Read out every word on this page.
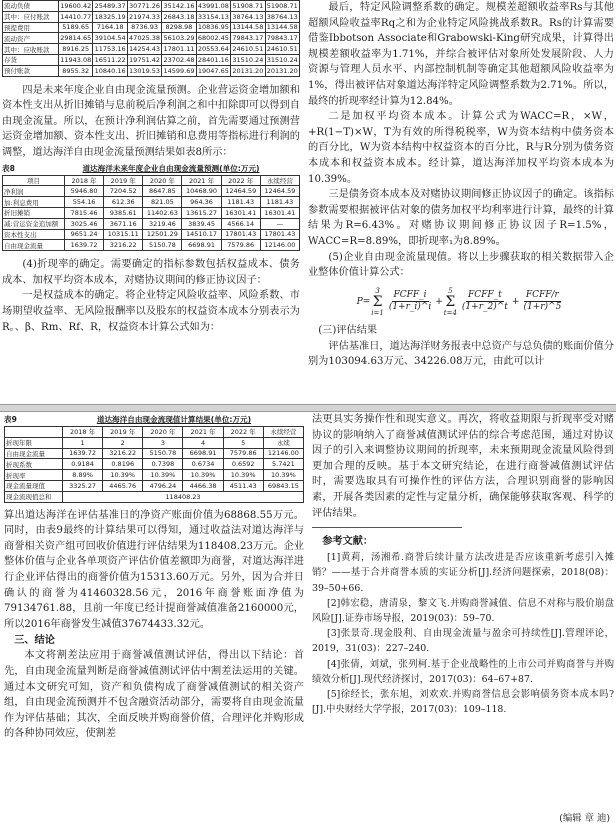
流动负债	19600.42	25489.37	30771.26	35142.16	43991.08	51908.71	51908.71
其中：应付账款	14410.77	18325.19	21974.33	26843.18	33154.13	38764.13	38764.13
预提费用	5189.65	7164.18	8736.93	8298.98	10836.95	13144.58	13144.58
流动资产	29814.65	39104.54	47025.38	56103.29	68002.45	79843.17	79843.17
其中：应收账款	8916.25	11753.16	14254.43	17801.11	20553.64	24610.51	24610.51
存货	11943.08	16511.22	19751.42	23702.48	28401.16	31510.24	31510.24
预付账款	8955.32	10840.16	13019.53	14599.69	19047.65	20131.20	20131.20

四是未来年度企业自由现金流量预测。企业营运资金增加额和资本性支出从折旧摊销与息前税后净利润之和中扣除即可以得到自由现金流量。所以，在预计净利润估算之前，首先需要通过预测营运资金增加额、资本性支出、折旧摊销和息费用等指标进行利润的调整，道达海洋自由现金流量预测结果如表8所示：

表8	道达海洋未来年度企业自由现金流量预测(单位:万元)
项目	2018 年	2019 年	2020 年	2021 年	2022 年	永续经营
净利润	5946.80	7204.52	8647.85	10468.90	12464.59	12464.59
加:利息费用	554.16	612.36	821.05	964.36	1181.43	1181.43
折旧摊销	7815.46	9385.61	11402.63	13615.27	16301.41	16301.41
减:营运资金追加额	3025.46	3671.16	3219.46	3839.45	4566.14	—
资本性支出	9651.24	10315.11	12501.29	14510.17	17801.43	17801.43
自由现金流量	1639.72	3216.22	5150.78	6698.91	7579.86	12146.00

(4)折现率的确定。需要确定的指标参数包括权益成本、债务成本、加权平均资本成本，对赌协议期间的修正协议因子：

一是权益成本的确定。将企业特定风险收益率、风险系数、市场期望收益率、无风险报酬率以及股东的权益资本成本分别表示为R。、β、Rm、Rf、R，权益资本计算公式如为：

最后，特定风险调整系数的确定。规模差超额收益率Rs与其他超额风险收益率Rq之和为企业特定风险挑战系数R。Rs的计算需要借鉴Ibbotson Associate和Grabowski-King研究成果，计算得出规模差额收益率为1.71%，并综合被评估对象所处发展阶段、人力资源与管理人员水平、内部控制机制等确定其他超额风险收益率为1%，得出被评估对象道达海洋特定风险调整系数为2.71%。所以，最终的折现率经计算为12.84%。

二是加权平均资本成本。计算公式为WACC=R，×W，+R(1−T)×W，T为有效的所得税税率，W为资本结构中债务资本的百分比，W为资本结构中权益资本的百分比，R与R分别为债务资本成本和权益资本成本。经计算，道达海洋加权平均资本成本为10.39%。

三是债务资本成本及对赌协议期间修正协议因子的确定。该指标参数需要根据被评估对象的债务加权平均利率进行计算，最终的计算结果为R=6.43%。对赌协议期间修正协议因子R=1.5%，WACC=R=8.89%，即折现率₁为8.89%。

(5)企业自由现金流量现值。将以上步骤获取的相关数据带入企业整体价值计算公式：

P=
3
Σ
$i=1 \frac{\text{FCFF\_i}}{(1+r\_i)\^{}i}$ +
5
Σ
$t=4 \frac{\text{FCFF\_t}}{(1+r\_2)\^{}t} + \frac{\text{FCFF/r}}{(1+r)\^{}5}$
(三)评估结果

评估基准日，道达海洋财务报表中总资产与总负债的账面价值分别为103094.63万元、34226.08万元，由此可以计

表9	道达海洋自由现金流现值计算结果(单位:万元)
	2018 年	2019 年	2020 年	2021 年	2022 年	永续经营
折现年限	1	2	3	4	5	永续
自由现金流量	1639.72	3216.22	5150.78	6698.91	7579.86	12146.00
折现系数	0.9184	0.8196	0.7398	0.6734	0.6592	5.7421
折现率	8.89%	10.39%	10.39%	10.39%	10.39%	10.39%
现金流量现值	3325.27	4465.76	4796.24	4466.38	4511.43	69843.15
现金流现值总和	118408.23					

算出道达海洋在评估基准日的净资产账面价值为68868.55万元。同时，由表9最终的计算结果可以得知，通过收益法对道达海洋与商誉相关资产组可回收价值进行评估结果为118408.23万元。企业整体价值与企业各单项资产评估价值差额即为商誉，对道达海洋进行企业评估得出的商誉价值为15313.60万元。另外，因为合并日确认的商誉为41460328.56元，2016年商誉账面净值为79134761.88，且前一年度已经计提商誉减值准备2160000元，所以2016年商誉发生减值37674433.32元。

三、结论

本文将割差法应用于商誉减值测试评估，得出以下结论：首先，自由现金流量判断是商誉减值测试评估中割差法运用的关键。通过本文研究可知，资产和负债构成了商誉减值测试的相关资产组，自由现金流预测并不包含融资活动部分，需要将自由现金流量作为评估基础；其次，全面反映并购商誉价值，合理评化并购形成的各种协同效应，使割差

法更具实务操作性和现实意义。再次，将收益期限与折现率受对赌协议的影响纳入了商誉减值测试评估的综合考虑范围，通过对协议因子的引入来调整协议期间的折现率，未来预期现金流量风险得到更加合理的反映。基于本文研究结论，在进行商誉减值测试评估时，需要选取具有可操作性的评估方法，合理识别商誉的影响因素，开展各类因素的定性与定量分析，确保能够获取客观、科学的评估结果。

参考文献：

[1]黄莉，汤湘希.商誉后续计量方法改进是否应该重新考虑引入摊销？——基于合并商誉本质的实证分析[J].经济问题探索，2018(08)：39–50+66.

[2]韩宏稳，唐清泉，黎文飞.并购商誉减值、信息不对称与股价崩盘风险[J].证券市场导报，2019(03)：59–70.

[3]张景奇.现金股利、自由现金流量与盈余可持续性[J].管理评论，2019，31(03)：227–240.

[4]张倩，刘斌，张列柯.基于企业战略性的上市公司并购商誉与并购绩效分析[J].现代经济探讨，2017(03)：64–67+87.

[5]徐经长，张东旭，刘欢欢.并购商誉信息会影响债务资本成本吗?[J].中央财经大学学报，2017(03)：109–118.

(编辑 章 迪)
